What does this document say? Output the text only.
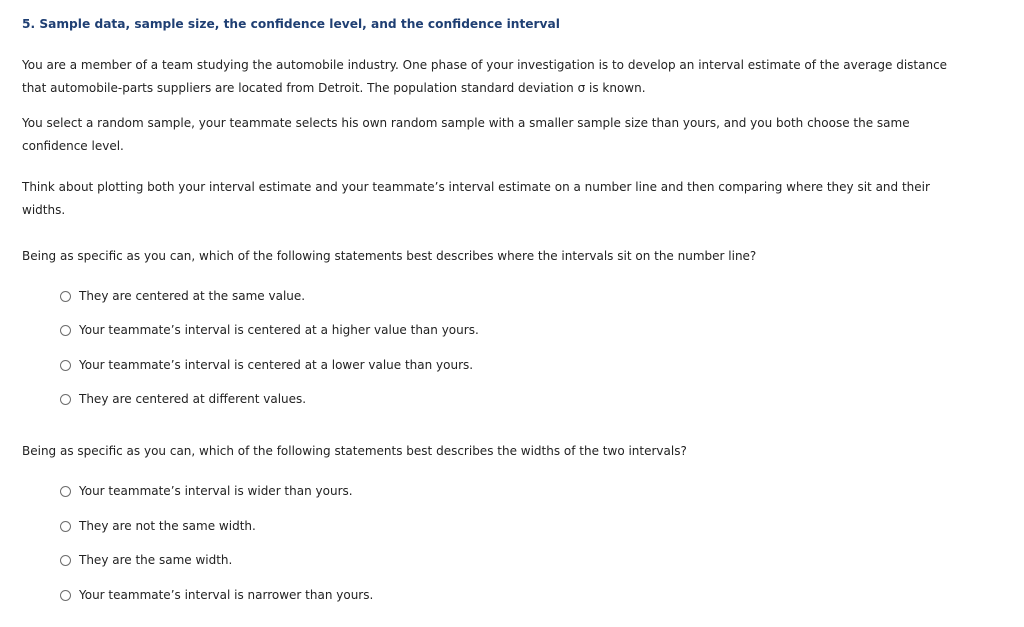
5. Sample data, sample size, the confidence level, and the confidence interval
You are a member of a team studying the automobile industry. One phase of your investigation is to develop an interval estimate of the average distance that automobile-parts suppliers are located from Detroit. The population standard deviation σ is known.
You select a random sample, your teammate selects his own random sample with a smaller sample size than yours, and you both choose the same confidence level.
Think about plotting both your interval estimate and your teammate’s interval estimate on a number line and then comparing where they sit and their widths.
Being as specific as you can, which of the following statements best describes where the intervals sit on the number line?
They are centered at the same value.
Your teammate’s interval is centered at a higher value than yours.
Your teammate’s interval is centered at a lower value than yours.
They are centered at different values.
Being as specific as you can, which of the following statements best describes the widths of the two intervals?
Your teammate’s interval is wider than yours.
They are not the same width.
They are the same width.
Your teammate’s interval is narrower than yours.
